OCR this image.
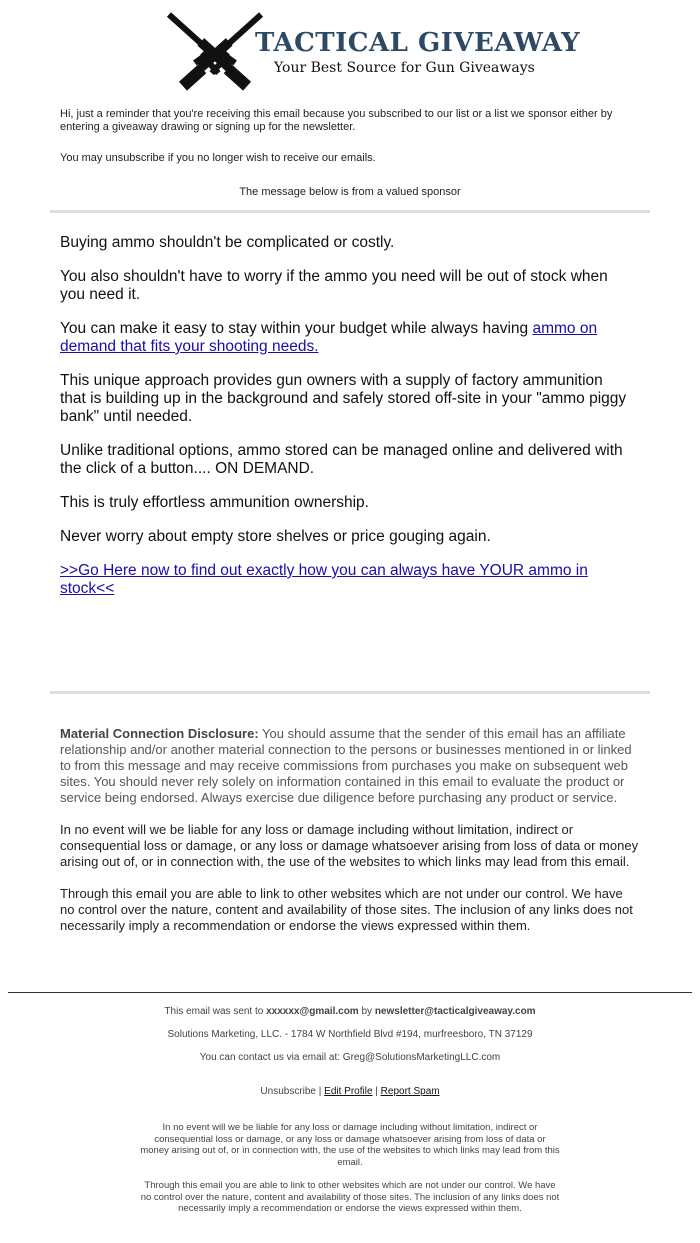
TACTICAL GIVEAWAY
Your Best Source for Gun Giveaways

Hi, just a reminder that you're receiving this email because you subscribed to our list or a list we sponsor either by entering a giveaway drawing or signing up for the newsletter.

You may unsubscribe if you no longer wish to receive our emails.

The message below is from a valued sponsor

Buying ammo shouldn't be complicated or costly.

You also shouldn't have to worry if the ammo you need will be out of stock when you need it.

You can make it easy to stay within your budget while always having ammo on demand that fits your shooting needs.

This unique approach provides gun owners with a supply of factory ammunition that is building up in the background and safely stored off-site in your "ammo piggy bank" until needed.

Unlike traditional options, ammo stored can be managed online and delivered with the click of a button.... ON DEMAND.

This is truly effortless ammunition ownership.

Never worry about empty store shelves or price gouging again.

>>Go Here now to find out exactly how you can always have YOUR ammo in stock<<

Material Connection Disclosure: You should assume that the sender of this email has an affiliate relationship and/or another material connection to the persons or businesses mentioned in or linked to from this message and may receive commissions from purchases you make on subsequent web sites. You should never rely solely on information contained in this email to evaluate the product or service being endorsed. Always exercise due diligence before purchasing any product or service.

In no event will we be liable for any loss or damage including without limitation, indirect or consequential loss or damage, or any loss or damage whatsoever arising from loss of data or money arising out of, or in connection with, the use of the websites to which links may lead from this email.

Through this email you are able to link to other websites which are not under our control. We have no control over the nature, content and availability of those sites. The inclusion of any links does not necessarily imply a recommendation or endorse the views expressed within them.

This email was sent to xxxxxx@gmail.com by newsletter@tacticalgiveaway.com

Solutions Marketing, LLC. - 1784 W Northfield Blvd #194, murfreesboro, TN 37129

You can contact us via email at: Greg@SolutionsMarketingLLC.com

Unsubscribe | Edit Profile | Report Spam

In no event will we be liable for any loss or damage including without limitation, indirect or consequential loss or damage, or any loss or damage whatsoever arising from loss of data or money arising out of, or in connection with, the use of the websites to which links may lead from this email.

Through this email you are able to link to other websites which are not under our control. We have no control over the nature, content and availability of those sites. The inclusion of any links does not necessarily imply a recommendation or endorse the views expressed within them.
